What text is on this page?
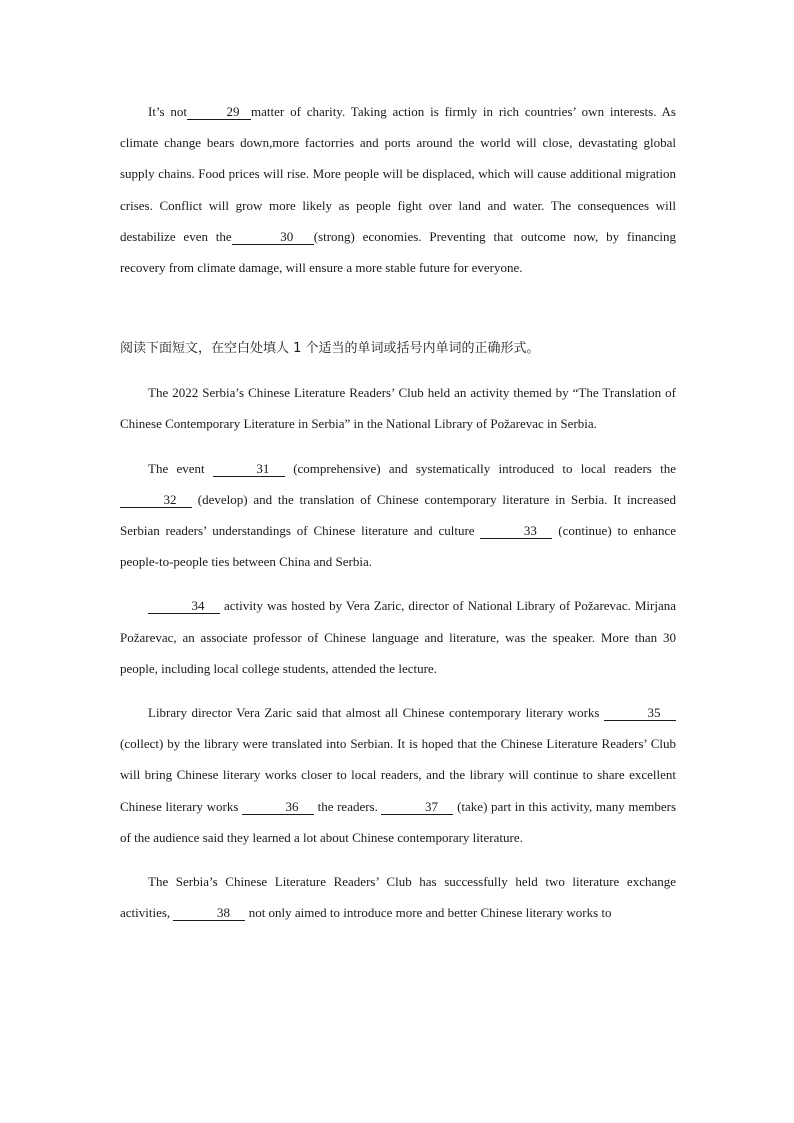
It’s not	29 matter of charity. Taking action is firmly in rich countries’ own interests. As climate change bears down,more factorries and ports around the world will close, devastating global supply chains. Food prices will rise. More people will be displaced, which will cause additional migration crises. Conflict will grow more likely as people fight over land and water. The consequences will destabilize even the	30 (strong) economies. Preventing that outcome now, by financing recovery from climate damage, will ensure a more stable future for everyone.

阅读下面短文，在空白处填人 1 个适当的单词或括号内单词的正确形式。

The 2022 Serbia’s Chinese Literature Readers’ Club held an activity themed by “The Translation of Chinese Contemporary Literature in Serbia” in the National Library of Požarevac in Serbia.

The event	31 (comprehensive) and systematically introduced to local readers the 32 (develop) and the translation of Chinese contemporary literature in Serbia. It increased Serbian readers’ understandings of Chinese literature and culture	33 (continue) to enhance people-to-people ties between China and Serbia.

34 activity was hosted by Vera Zaric, director of National Library of Požarevac. Mirjana Požarevac, an associate professor of Chinese language and literature, was the speaker. More than 30 people, including local college students, attended the lecture.

Library director Vera Zaric said that almost all Chinese contemporary literary works	35 (collect) by the library were translated into Serbian. It is hoped that the Chinese Literature Readers’ Club will bring Chinese literary works closer to local readers, and the library will continue to share excellent Chinese literary works	36 the readers.	37 (take) part in this activity, many members of the audience said they learned a lot about Chinese contemporary literature.

The Serbia’s Chinese Literature Readers’ Club has successfully held two literature exchange activities,	38 not only aimed to introduce more and better Chinese literary works to
